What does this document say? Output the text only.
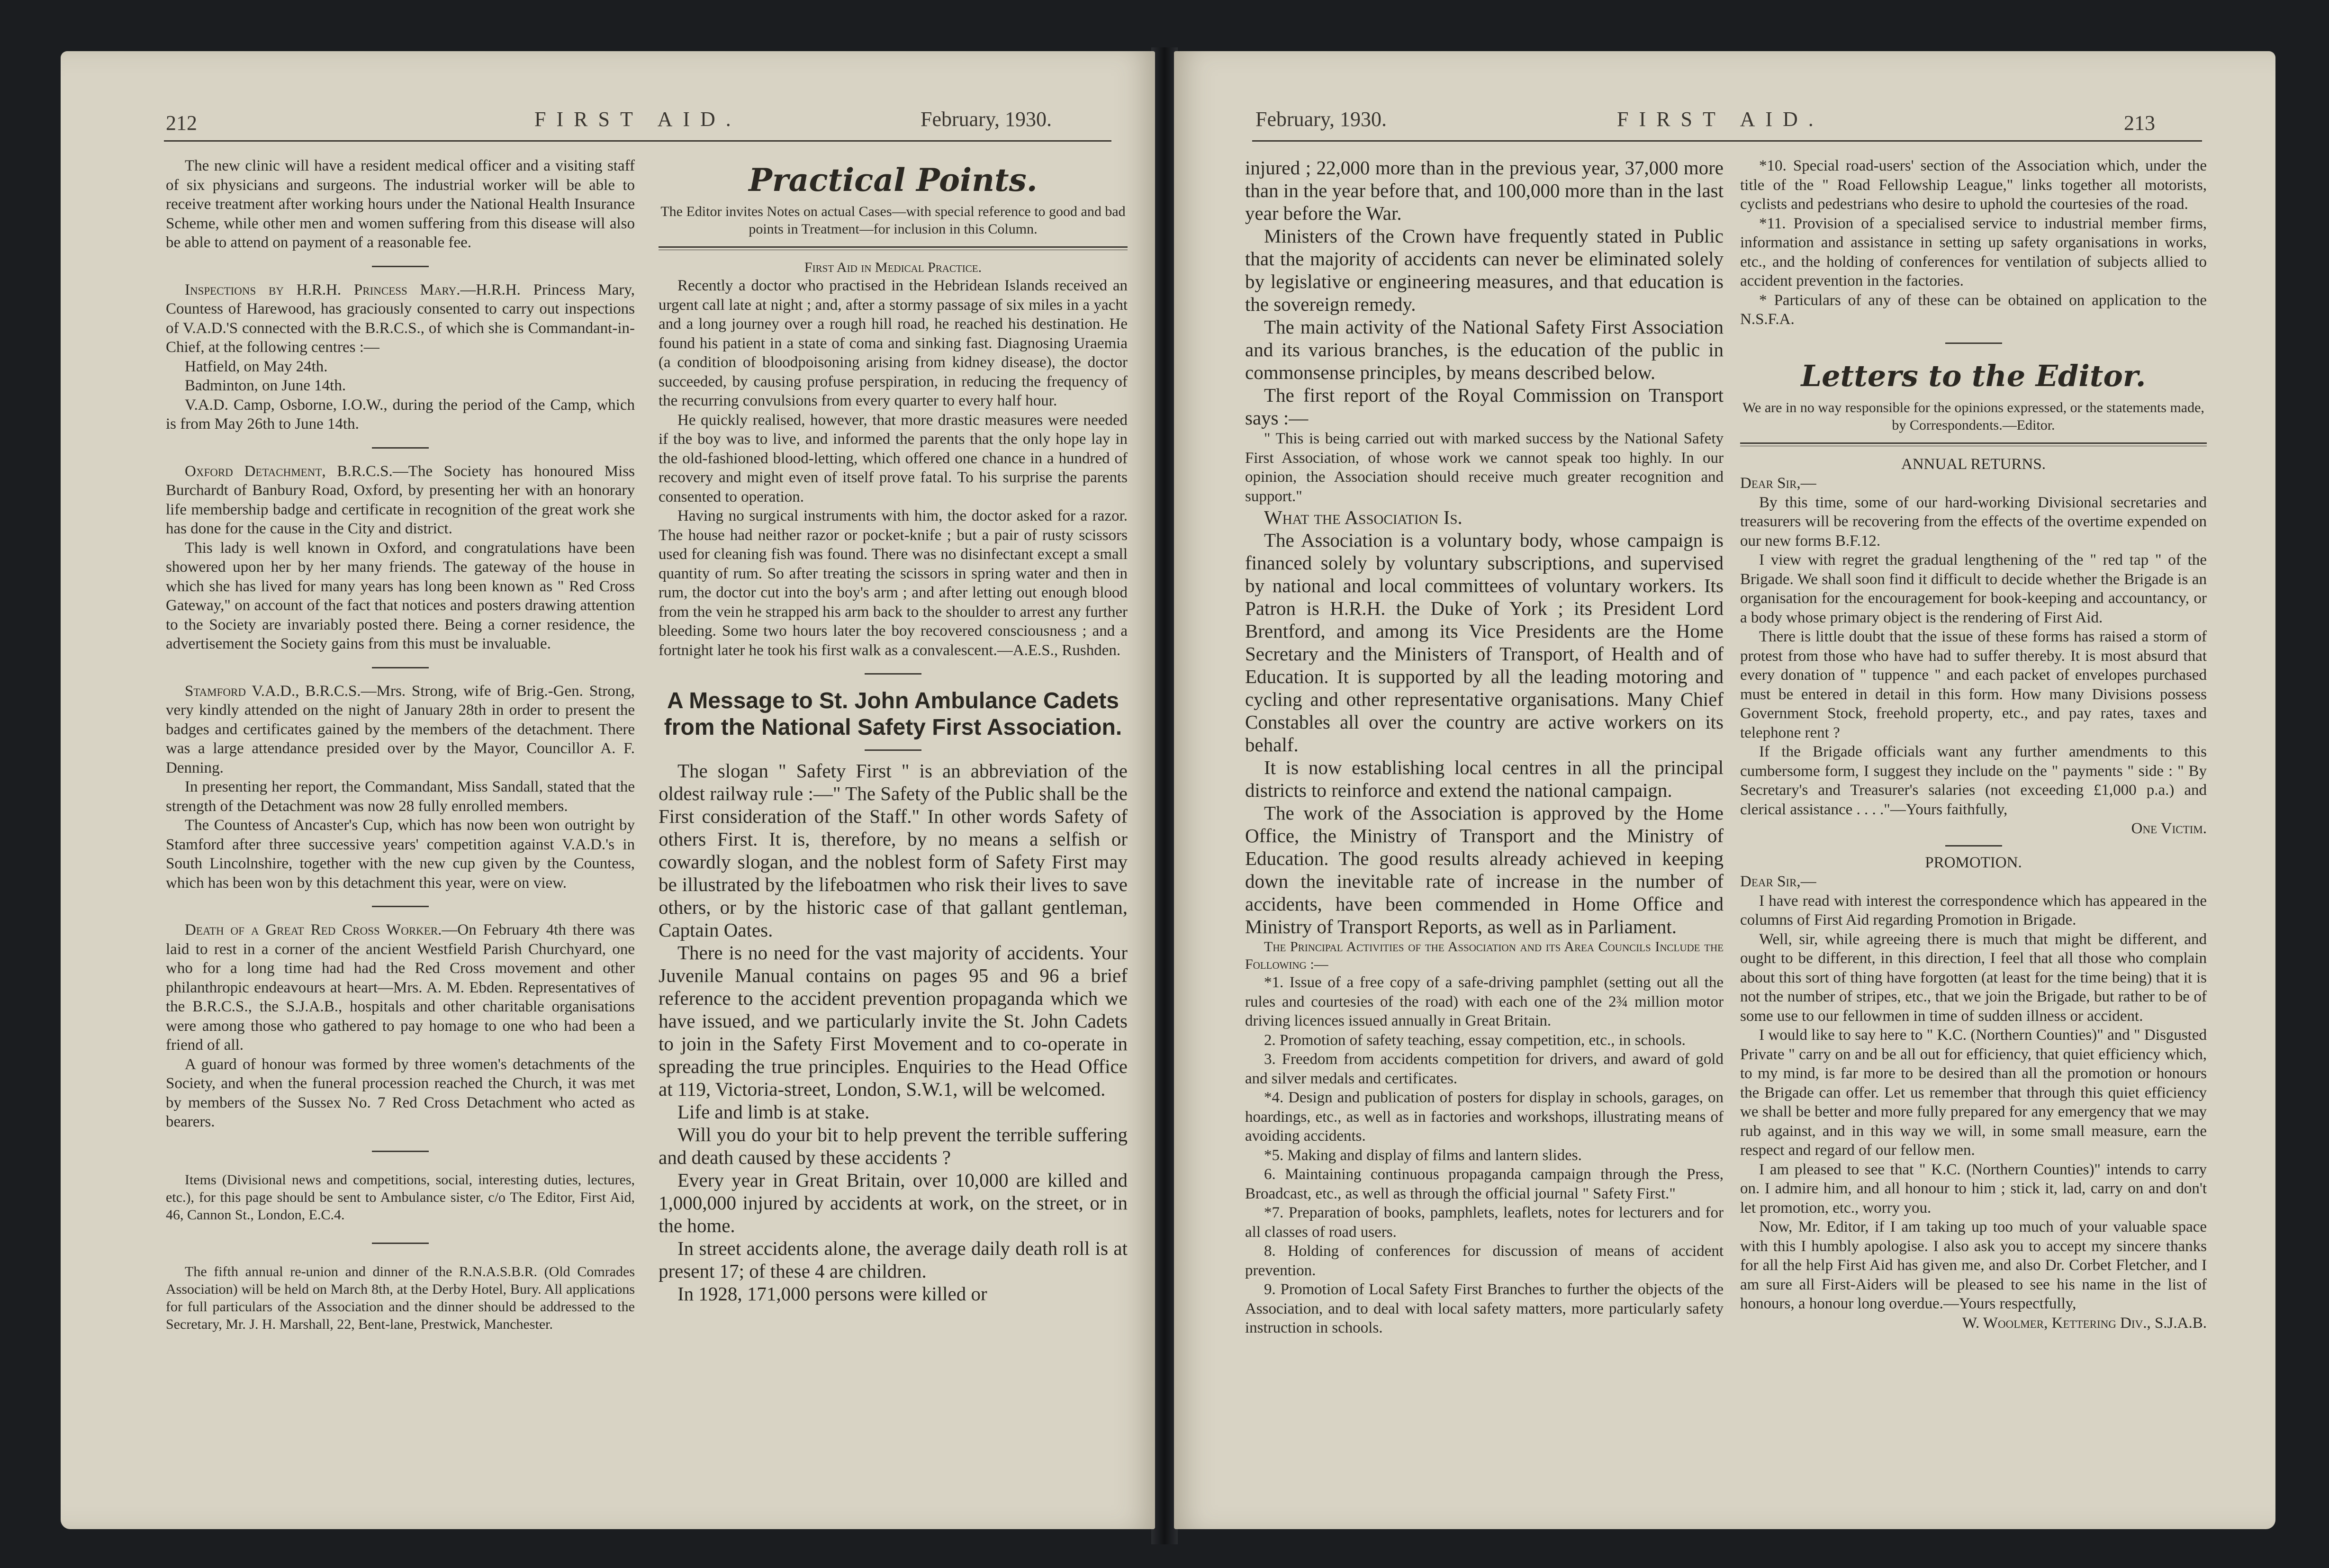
212	FIRST AID.	February, 1930.

The new clinic will have a resident medical officer and a visiting staff of six physicians and surgeons. The industrial worker will be able to receive treatment after working hours under the National Health Insurance Scheme, while other men and women suffering from this disease will also be able to attend on payment of a reasonable fee.

Inspections by H.R.H. Princess Mary.—H.R.H. Princess Mary, Countess of Harewood, has graciously consented to carry out inspections of V.A.D.'S connected with the B.R.C.S., of which she is Commandant-in-Chief, at the following centres :—

Hatfield, on May 24th.

Badminton, on June 14th.

V.A.D. Camp, Osborne, I.O.W., during the period of the Camp, which is from May 26th to June 14th.

Oxford Detachment, B.R.C.S.—The Society has honoured Miss Burchardt of Banbury Road, Oxford, by presenting her with an honorary life membership badge and certificate in recognition of the great work she has done for the cause in the City and district.

This lady is well known in Oxford, and congratulations have been showered upon her by her many friends. The gateway of the house in which she has lived for many years has long been known as " Red Cross Gateway," on account of the fact that notices and posters drawing attention to the Society are invariably posted there. Being a corner residence, the advertisement the Society gains from this must be invaluable.

Stamford V.A.D., B.R.C.S.—Mrs. Strong, wife of Brig.-Gen. Strong, very kindly attended on the night of January 28th in order to present the badges and certificates gained by the members of the detachment. There was a large attendance presided over by the Mayor, Councillor A. F. Denning.

In presenting her report, the Commandant, Miss Sandall, stated that the strength of the Detachment was now 28 fully enrolled members.

The Countess of Ancaster's Cup, which has now been won outright by Stamford after three successive years' competition against V.A.D.'s in South Lincolnshire, together with the new cup given by the Countess, which has been won by this detachment this year, were on view.

Death of a Great Red Cross Worker.—On February 4th there was laid to rest in a corner of the ancient Westfield Parish Churchyard, one who for a long time had had the Red Cross movement and other philanthropic endeavours at heart—Mrs. A. M. Ebden. Representatives of the B.R.C.S., the S.J.A.B., hospitals and other charitable organisations were among those who gathered to pay homage to one who had been a friend of all.

A guard of honour was formed by three women's detachments of the Society, and when the funeral procession reached the Church, it was met by members of the Sussex No. 7 Red Cross Detachment who acted as bearers.

Items (Divisional news and competitions, social, interesting duties, lectures, etc.), for this page should be sent to Ambulance sister, c/o The Editor, First Aid, 46, Cannon St., London, E.C.4.

The fifth annual re-union and dinner of the R.N.A.S.B.R. (Old Comrades Association) will be held on March 8th, at the Derby Hotel, Bury. All applications for full particulars of the Association and the dinner should be addressed to the Secretary, Mr. J. H. Marshall, 22, Bent-lane, Prestwick, Manchester.

Practical Points.

The Editor invites Notes on actual Cases—with special reference to good and bad points in Treatment—for inclusion in this Column.

First Aid in Medical Practice.

Recently a doctor who practised in the Hebridean Islands received an urgent call late at night ; and, after a stormy passage of six miles in a yacht and a long journey over a rough hill road, he reached his destination. He found his patient in a state of coma and sinking fast. Diagnosing Uraemia (a condition of bloodpoisoning arising from kidney disease), the doctor succeeded, by causing profuse perspiration, in reducing the frequency of the recurring convulsions from every quarter to every half hour.

He quickly realised, however, that more drastic measures were needed if the boy was to live, and informed the parents that the only hope lay in the old-fashioned blood-letting, which offered one chance in a hundred of recovery and might even of itself prove fatal. To his surprise the parents consented to operation.

Having no surgical instruments with him, the doctor asked for a razor. The house had neither razor or pocket-knife ; but a pair of rusty scissors used for cleaning fish was found. There was no disinfectant except a small quantity of rum. So after treating the scissors in spring water and then in rum, the doctor cut into the boy's arm ; and after letting out enough blood from the vein he strapped his arm back to the shoulder to arrest any further bleeding. Some two hours later the boy recovered consciousness ; and a fortnight later he took his first walk as a convalescent.—A.E.S., Rushden.

A Message to St. John Ambulance Cadets from the National Safety First Association.

The slogan " Safety First " is an abbreviation of the oldest railway rule :—" The Safety of the Public shall be the First consideration of the Staff." In other words Safety of others First. It is, therefore, by no means a selfish or cowardly slogan, and the noblest form of Safety First may be illustrated by the lifeboatmen who risk their lives to save others, or by the historic case of that gallant gentleman, Captain Oates.

There is no need for the vast majority of accidents. Your Juvenile Manual contains on pages 95 and 96 a brief reference to the accident prevention propaganda which we have issued, and we particularly invite the St. John Cadets to join in the Safety First Movement and to co-operate in spreading the true principles. Enquiries to the Head Office at 119, Victoria-street, London, S.W.1, will be welcomed.

Life and limb is at stake.

Will you do your bit to help prevent the terrible suffering and death caused by these accidents ?

Every year in Great Britain, over 10,000 are killed and 1,000,000 injured by accidents at work, on the street, or in the home.

In street accidents alone, the average daily death roll is at present 17; of these 4 are children.

In 1928, 171,000 persons were killed or

February, 1930.	FIRST AID.	213

injured ; 22,000 more than in the previous year, 37,000 more than in the year before that, and 100,000 more than in the last year before the War.

Ministers of the Crown have frequently stated in Public that the majority of accidents can never be eliminated solely by legislative or engineering measures, and that education is the sovereign remedy.

The main activity of the National Safety First Association and its various branches, is the education of the public in commonsense principles, by means described below.

The first report of the Royal Commission on Transport says :—

" This is being carried out with marked success by the National Safety First Association, of whose work we cannot speak too highly. In our opinion, the Association should receive much greater recognition and support."

What the Association Is.

The Association is a voluntary body, whose campaign is financed solely by voluntary subscriptions, and supervised by national and local committees of voluntary workers. Its Patron is H.R.H. the Duke of York ; its President Lord Brentford, and among its Vice Presidents are the Home Secretary and the Ministers of Transport, of Health and of Education. It is supported by all the leading motoring and cycling and other representative organisations. Many Chief Constables all over the country are active workers on its behalf.

It is now establishing local centres in all the principal districts to reinforce and extend the national campaign.

The work of the Association is approved by the Home Office, the Ministry of Transport and the Ministry of Education. The good results already achieved in keeping down the inevitable rate of increase in the number of accidents, have been commended in Home Office and Ministry of Transport Reports, as well as in Parliament.

The Principal Activities of the Association and its Area Councils Include the Following :—

*1. Issue of a free copy of a safe-driving pamphlet (setting out all the rules and courtesies of the road) with each one of the 2¾ million motor driving licences issued annually in Great Britain.

2. Promotion of safety teaching, essay competition, etc., in schools.

3. Freedom from accidents competition for drivers, and award of gold and silver medals and certificates.

*4. Design and publication of posters for display in schools, garages, on hoardings, etc., as well as in factories and workshops, illustrating means of avoiding accidents.

*5. Making and display of films and lantern slides.

6. Maintaining continuous propaganda campaign through the Press, Broadcast, etc., as well as through the official journal " Safety First."

*7. Preparation of books, pamphlets, leaflets, notes for lecturers and for all classes of road users.

8. Holding of conferences for discussion of means of accident prevention.

9. Promotion of Local Safety First Branches to further the objects of the Association, and to deal with local safety matters, more particularly safety instruction in schools.

*10. Special road-users' section of the Association which, under the title of the " Road Fellowship League," links together all motorists, cyclists and pedestrians who desire to uphold the courtesies of the road.

*11. Provision of a specialised service to industrial member firms, information and assistance in setting up safety organisations in works, etc., and the holding of conferences for ventilation of subjects allied to accident prevention in the factories.

* Particulars of any of these can be obtained on application to the N.S.F.A.

Letters to the Editor.

We are in no way responsible for the opinions expressed, or the statements made, by Correspondents.—Editor.

ANNUAL RETURNS.

Dear Sir,—

By this time, some of our hard-working Divisional secretaries and treasurers will be recovering from the effects of the overtime expended on our new forms B.F.12.

I view with regret the gradual lengthening of the " red tap " of the Brigade. We shall soon find it difficult to decide whether the Brigade is an organisation for the encouragement for book-keeping and accountancy, or a body whose primary object is the rendering of First Aid.

There is little doubt that the issue of these forms has raised a storm of protest from those who have had to suffer thereby. It is most absurd that every donation of " tuppence " and each packet of envelopes purchased must be entered in detail in this form. How many Divisions possess Government Stock, freehold property, etc., and pay rates, taxes and telephone rent ?

If the Brigade officials want any further amendments to this cumbersome form, I suggest they include on the " payments " side : " By Secretary's and Treasurer's salaries (not exceeding £1,000 p.a.) and clerical assistance . . . ."—Yours faithfully,

One Victim.

PROMOTION.

Dear Sir,—

I have read with interest the correspondence which has appeared in the columns of First Aid regarding Promotion in Brigade.

Well, sir, while agreeing there is much that might be different, and ought to be different, in this direction, I feel that all those who complain about this sort of thing have forgotten (at least for the time being) that it is not the number of stripes, etc., that we join the Brigade, but rather to be of some use to our fellowmen in time of sudden illness or accident.

I would like to say here to " K.C. (Northern Counties)" and " Disgusted Private " carry on and be all out for efficiency, that quiet efficiency which, to my mind, is far more to be desired than all the promotion or honours the Brigade can offer. Let us remember that through this quiet efficiency we shall be better and more fully prepared for any emergency that we may rub against, and in this way we will, in some small measure, earn the respect and regard of our fellow men.

I am pleased to see that " K.C. (Northern Counties)" intends to carry on. I admire him, and all honour to him ; stick it, lad, carry on and don't let promotion, etc., worry you.

Now, Mr. Editor, if I am taking up too much of your valuable space with this I humbly apologise. I also ask you to accept my sincere thanks for all the help First Aid has given me, and also Dr. Corbet Fletcher, and I am sure all First-Aiders will be pleased to see his name in the list of honours, a honour long overdue.—Yours respectfully,

W. Woolmer, Kettering Div., S.J.A.B.
